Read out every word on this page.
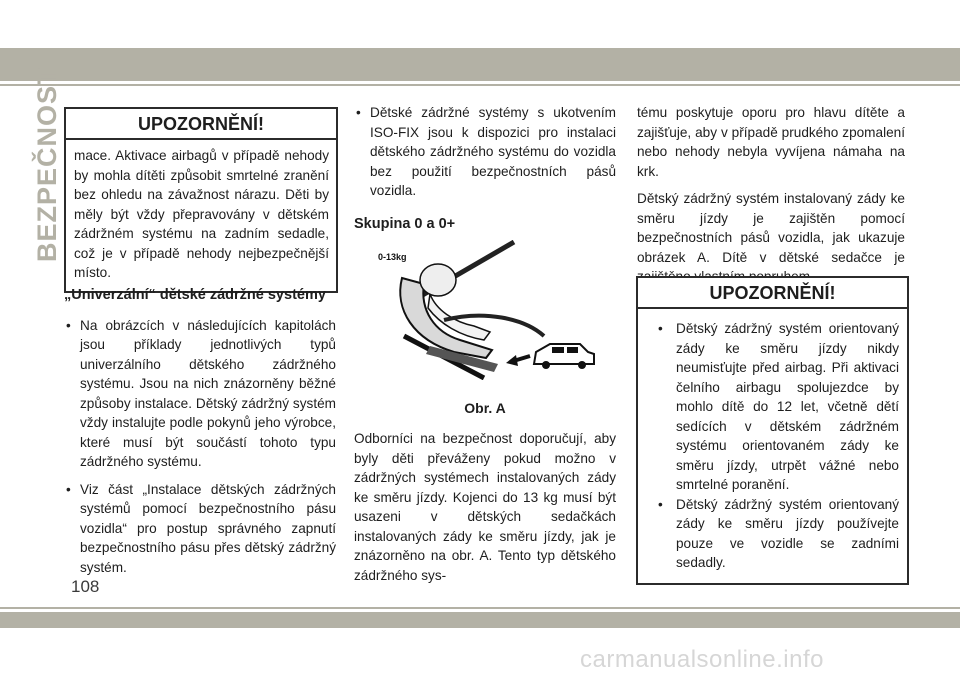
BEZPEČNOST	UPOZORNĚNÍ!
mace. Aktivace airbagů v případě nehody by mohla dítěti způsobit smrtelné zranění bez ohledu na závažnost nárazu. Děti by měly být vždy přepravovány v dětském zádržném systému na zadním sedadle, což je v případě nehody nejbezpečnější místo.
„Univerzální“ dětské zádržné systémy
• Na obrázcích v následujících kapitolách jsou příklady jednotlivých typů univerzálního dětského zádržného systému. Jsou na nich znázorněny běžné způsoby instalace. Dětský zádržný systém vždy instalujte podle pokynů jeho výrobce, které musí být součástí tohoto typu zádržného systému.
• Viz část „Instalace dětských zádržných systémů pomocí bezpečnostního pásu vozidla“ pro postup správného zapnutí bezpečnostního pásu přes dětský zádržný systém.
• Dětské zádržné systémy s ukotvením ISO-FIX jsou k dispozici pro instalaci dětského zádržného systému do vozidla bez použití bezpečnostních pásů vozidla.
Skupina 0 a 0+
0-13kg
Obr. A
Odborníci na bezpečnost doporučují, aby byly děti převáženy pokud možno v zádržných systémech instalovaných zády ke směru jízdy. Kojenci do 13 kg musí být usazeni v dětských sedačkách instalovaných zády ke směru jízdy, jak je znázorněno na obr. A. Tento typ dětského zádržného sys-

tému poskytuje oporu pro hlavu dítěte a zajišťuje, aby v případě prudkého zpomalení nebo nehody nebyla vyvíjena námaha na krk.

Dětský zádržný systém instalovaný zády ke směru jízdy je zajištěn pomocí bezpečnostních pásů vozidla, jak ukazuje obrázek A. Dítě v dětské sedačce je

UPOZORNĚNÍ!
• Dětský zádržný systém orientovaný zády ke směru jízdy nikdy neumisťujte před airbag. Při aktivaci čelního airbagu spolujezdce by mohlo dítě do 12 let, včetně dětí sedících v dětském zádržném systému orientovaném zády ke směru jízdy, utrpět vážné nebo smrtelné poranění.
• Dětský zádržný systém orientovaný zády ke směru jízdy používejte pouze ve vozidle se zadními sedadly.
108
carmanualsonline.info
